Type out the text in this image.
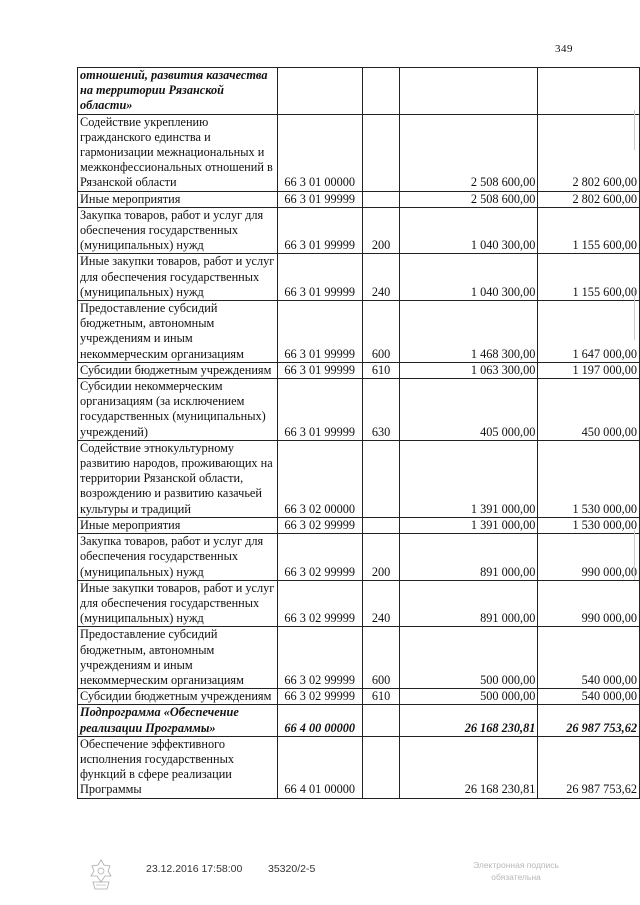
349
отношений, развития казачества на территории Рязанской области»				
Содействие укреплению гражданского единства и гармонизации межнациональных и межконфессиональных отношений в Рязанской области	66 3 01 00000		2 508 600,00	2 802 600,00
Иные мероприятия	66 3 01 99999		2 508 600,00	2 802 600,00
Закупка товаров, работ и услуг для обеспечения государственных (муниципальных) нужд	66 3 01 99999	200	1 040 300,00	1 155 600,00
Иные закупки товаров, работ и услуг для обеспечения государственных (муниципальных) нужд	66 3 01 99999	240	1 040 300,00	1 155 600,00
Предоставление субсидий бюджетным, автономным учреждениям и иным некоммерческим организациям	66 3 01 99999	600	1 468 300,00	1 647 000,00
Субсидии бюджетным учреждениям	66 3 01 99999	610	1 063 300,00	1 197 000,00
Субсидии некоммерческим организациям (за исключением государственных (муниципальных) учреждений)	66 3 01 99999	630	405 000,00	450 000,00
Содействие этнокультурному развитию народов, проживающих на территории Рязанской области, возрождению и развитию казачьей культуры и традиций	66 3 02 00000		1 391 000,00	1 530 000,00
Иные мероприятия	66 3 02 99999		1 391 000,00	1 530 000,00
Закупка товаров, работ и услуг для обеспечения государственных (муниципальных) нужд	66 3 02 99999	200	891 000,00	990 000,00
Иные закупки товаров, работ и услуг для обеспечения государственных (муниципальных) нужд	66 3 02 99999	240	891 000,00	990 000,00
Предоставление субсидий бюджетным, автономным учреждениям и иным некоммерческим организациям	66 3 02 99999	600	500 000,00	540 000,00
Субсидии бюджетным учреждениям	66 3 02 99999	610	500 000,00	540 000,00
Подпрограмма «Обеспечение реализации Программы»	66 4 00 00000		26 168 230,81	26 987 753,62
Обеспечение эффективного исполнения государственных функций в сфере реализации Программы	66 4 01 00000		26 168 230,81	26 987 753,62
23.12.2016 17:58:00 35320/2-5	Электронная подпись
обязательна
